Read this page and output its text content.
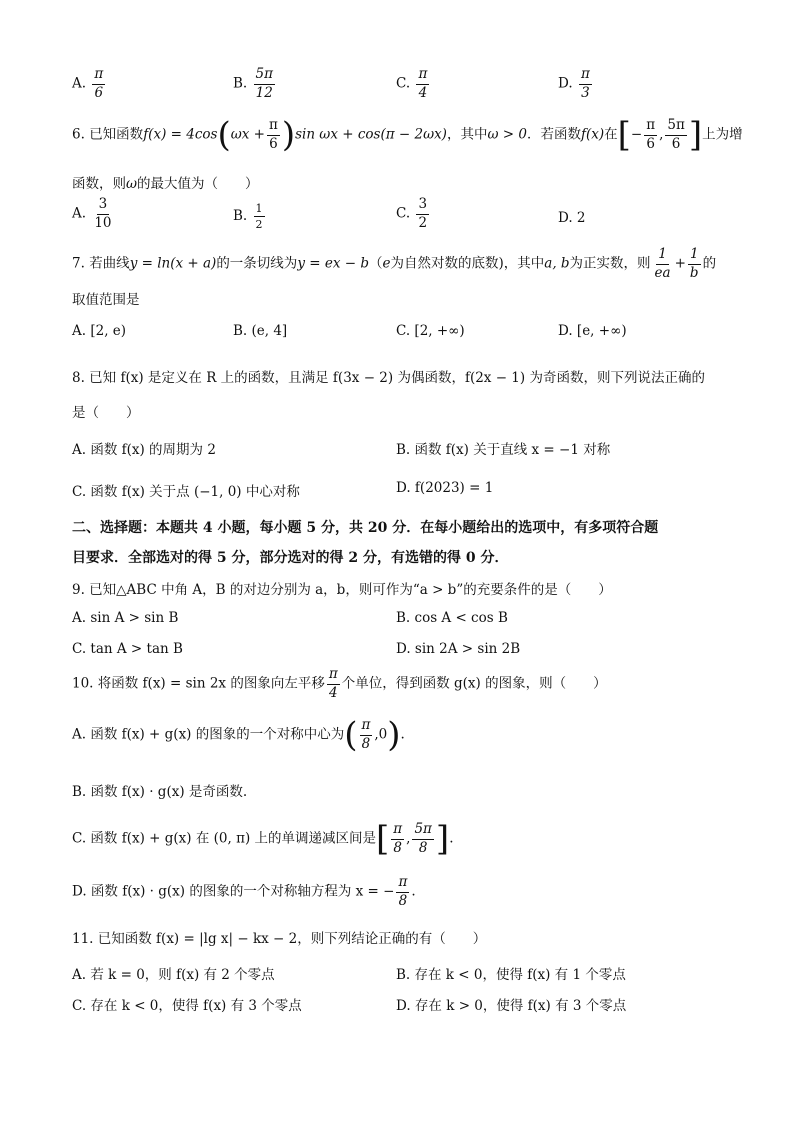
A. $\frac{\pi}{6}$	B. $\frac{5\pi}{12}$	C. $\frac{\pi}{4}$	D. $\frac{\pi}{3}$
6. 已知函数$f(x) = 4\cos(\omega x + \frac{\pi}{6} )\sin$ ωx + cos(π − 2ωx)，其中ω > 0．若函数f(x)在[− $\frac{\pi}{6}$ , $\frac{5\pi}{6}$ ]上为增
函数，则ω的最大值为（　　）
A. $\frac{3}{10}$	B. $\frac{1}{2}$	C. $\frac{3}{2}$	D. 2
7. 若曲线y = ln(x + a)的一条切线为y = ex − b（e为自然对数的底数)，其中a, b为正实数，则 $\frac{1}{ea} + \frac{1}{b}$ 的
取值范围是
A. [2, e)	B. (e, 4]	C. [2, +∞)	D. [e, +∞)
8. 已知 f(x) 是定义在 R 上的函数，且满足 f(3x − 2) 为偶函数，f(2x − 1) 为奇函数，则下列说法正确的
是（　　）
A. 函数 f(x) 的周期为 2	B. 函数 f(x) 关于直线 x = −1 对称
C. 函数 f(x) 关于点 (−1, 0) 中心对称	D. f(2023) = 1
二、选择题：本题共 4 小题，每小题 5 分，共 20 分．在每小题给出的选项中，有多项符合题
目要求．全部选对的得 5 分，部分选对的得 2 分，有选错的得 0 分．
9. 已知△ABC 中角 A，B 的对边分别为 a，b，则可作为“a > b”的充要条件的是（　　）
A. sin A > sin B	B. cos A < cos B
C. tan A > tan B	D. sin 2A > sin 2B
10. 将函数 f(x) = sin 2x 的图象向左平移 $\frac{\pi}{4}$ 个单位，得到函数 g(x) 的图象，则（　　）
A. 函数 f(x) + g(x) 的图象的一个对称中心为( $\frac{\pi}{8} ,0$).
B. 函数 f(x) · g(x) 是奇函数.
C. 函数 f(x) + g(x) 在 (0, π) 上的单调递减区间是[ $\frac{\pi}{8}$ , $\frac{5\pi}{8}$ ].
D. 函数 f(x) · g(x) 的图象的一个对称轴方程为 x = − $\frac{\pi}{8}$ .
11. 已知函数 f(x) = |lg x| − kx − 2，则下列结论正确的有（　　）
A. 若 k = 0，则 f(x) 有 2 个零点	B. 存在 k < 0，使得 f(x) 有 1 个零点
C. 存在 k < 0，使得 f(x) 有 3 个零点	D. 存在 k > 0，使得 f(x) 有 3 个零点
